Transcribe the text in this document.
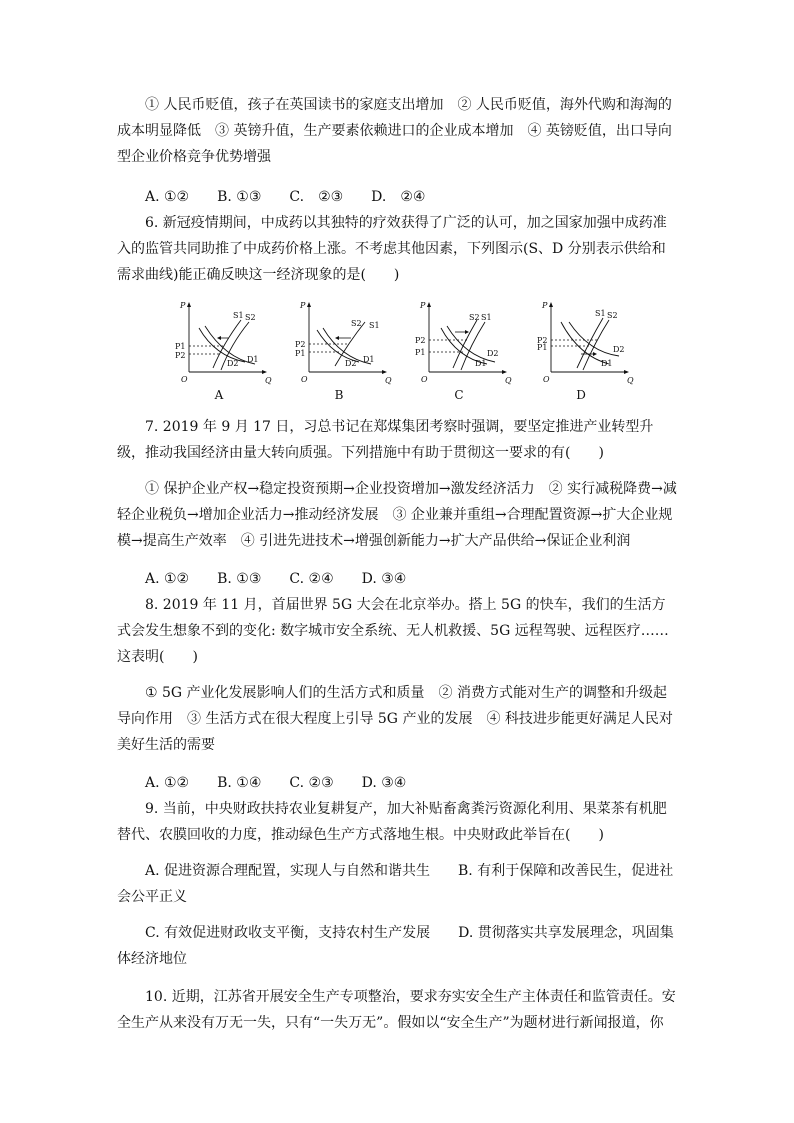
① 人民币贬值，孩子在英国读书的家庭支出增加　② 人民币贬值，海外代购和海淘的成本明显降低　③ 英镑升值，生产要素依赖进口的企业成本增加　④ 英镑贬值，出口导向型企业价格竞争优势增强

A. ①②　　B. ①③　　C.　②③　　D.　②④

6. 新冠疫情期间，中成药以其独特的疗效获得了广泛的认可，加之国家加强中成药准入的监管共同助推了中成药价格上涨。不考虑其他因素，下列图示(S、D 分别表示供给和需求曲线)能正确反映这一经济现象的是(　　)

P
Q
O
S1 S2
D2 D1
P1
P2
A
P
Q
O
S2 S1
D2 D1
P2
P1
B
P
Q
O
S2 S1
D2
D1
P2
P1
C
P
Q
O
S1 S2
D2
D1
P2
P1
D

7. 2019 年 9 月 17 日，习总书记在郑煤集团考察时强调，要坚定推进产业转型升级，推动我国经济由量大转向质强。下列措施中有助于贯彻这一要求的有(　　)

① 保护企业产权→稳定投资预期→企业投资增加→激发经济活力　② 实行减税降费→减轻企业税负→增加企业活力→推动经济发展　③ 企业兼并重组→合理配置资源→扩大企业规模→提高生产效率　④ 引进先进技术→增强创新能力→扩大产品供给→保证企业利润

A. ①②　　B. ①③　　C. ②④　　D. ③④

8. 2019 年 11 月，首届世界 5G 大会在北京举办。搭上 5G 的快车，我们的生活方式会发生想象不到的变化: 数字城市安全系统、无人机救援、5G 远程驾驶、远程医疗……这表明(　　)

① 5G 产业化发展影响人们的生活方式和质量　② 消费方式能对生产的调整和升级起导向作用　③ 生活方式在很大程度上引导 5G 产业的发展　④ 科技进步能更好满足人民对美好生活的需要

A. ①②　　B. ①④　　C. ②③　　D. ③④

9. 当前，中央财政扶持农业复耕复产，加大补贴畜禽粪污资源化利用、果菜茶有机肥替代、农膜回收的力度，推动绿色生产方式落地生根。中央财政此举旨在(　　)

A. 促进资源合理配置，实现人与自然和谐共生　　B. 有利于保障和改善民生，促进社会公平正义

C. 有效促进财政收支平衡，支持农村生产发展　　D. 贯彻落实共享发展理念，巩固集体经济地位

10. 近期，江苏省开展安全生产专项整治，要求夯实安全生产主体责任和监管责任。安全生产从来没有万无一失，只有“一失万无”。假如以“安全生产”为题材进行新闻报道，你
